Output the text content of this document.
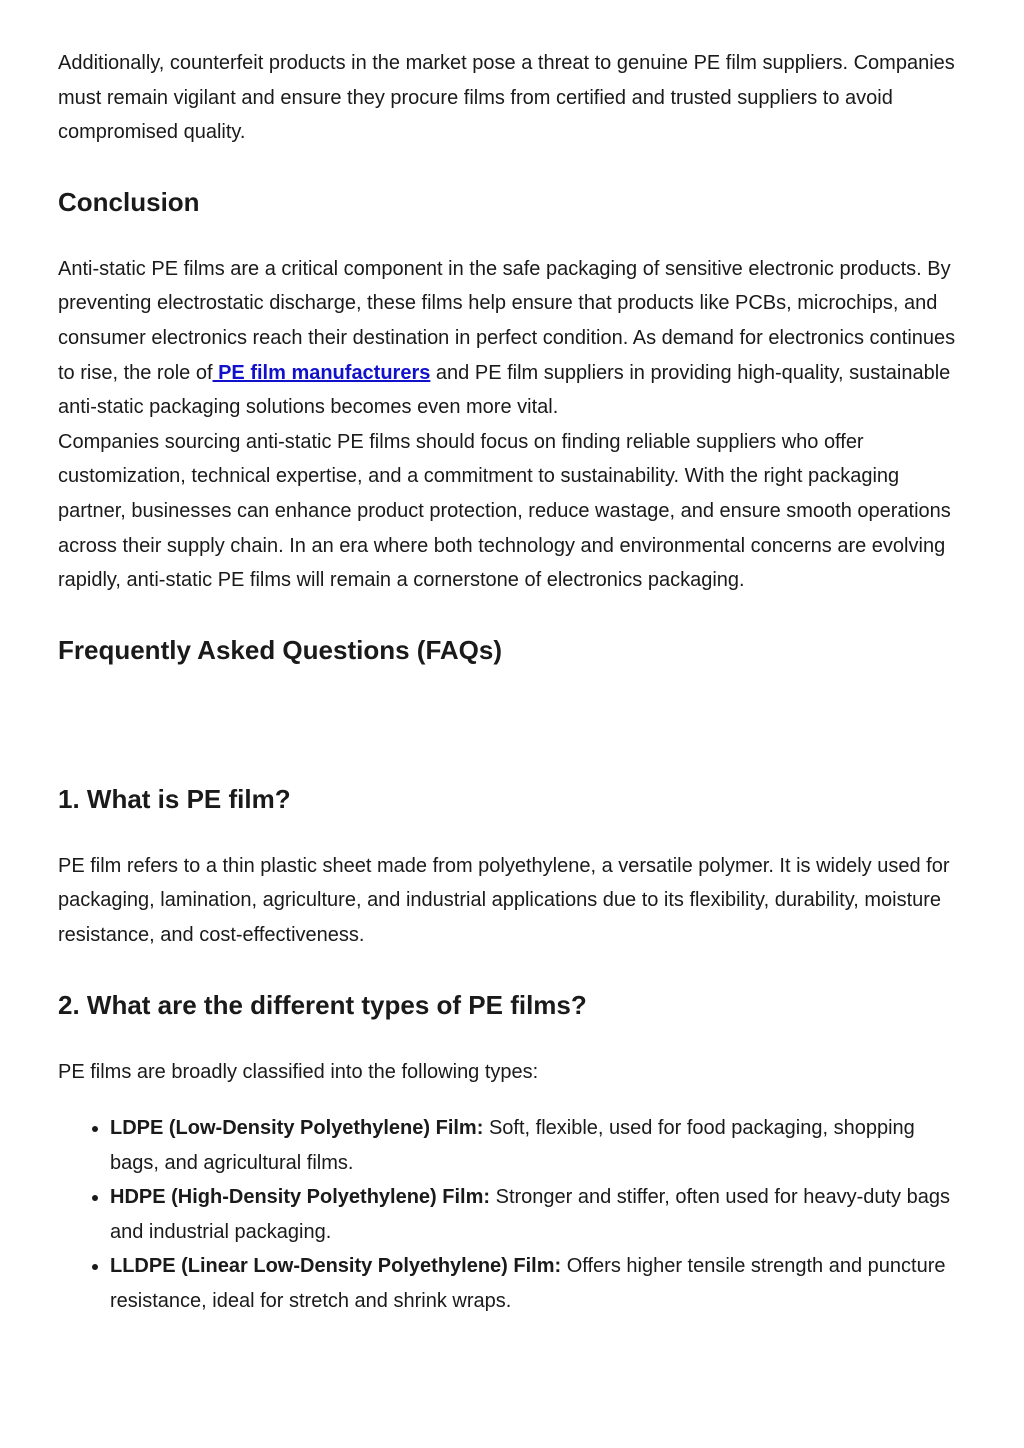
Additionally, counterfeit products in the market pose a threat to genuine PE film suppliers. Companies must remain vigilant and ensure they procure films from certified and trusted suppliers to avoid compromised quality.

Conclusion

Anti-static PE films are a critical component in the safe packaging of sensitive electronic products. By preventing electrostatic discharge, these films help ensure that products like PCBs, microchips, and consumer electronics reach their destination in perfect condition. As demand for electronics continues to rise, the role of PE film manufacturers and PE film suppliers in providing high-quality, sustainable anti-static packaging solutions becomes even more vital.

Companies sourcing anti-static PE films should focus on finding reliable suppliers who offer customization, technical expertise, and a commitment to sustainability. With the right packaging partner, businesses can enhance product protection, reduce wastage, and ensure smooth operations across their supply chain. In an era where both technology and environmental concerns are evolving rapidly, anti-static PE films will remain a cornerstone of electronics packaging.

Frequently Asked Questions (FAQs)
1. What is PE film?

PE film refers to a thin plastic sheet made from polyethylene, a versatile polymer. It is widely used for packaging, lamination, agriculture, and industrial applications due to its flexibility, durability, moisture resistance, and cost-effectiveness.

2. What are the different types of PE films?

PE films are broadly classified into the following types:

• LDPE (Low-Density Polyethylene) Film: Soft, flexible, used for food packaging, shopping bags, and agricultural films.
• HDPE (High-Density Polyethylene) Film: Stronger and stiffer, often used for heavy-duty bags and industrial packaging.
• LLDPE (Linear Low-Density Polyethylene) Film: Offers higher tensile strength and puncture resistance, ideal for stretch and shrink wraps.
